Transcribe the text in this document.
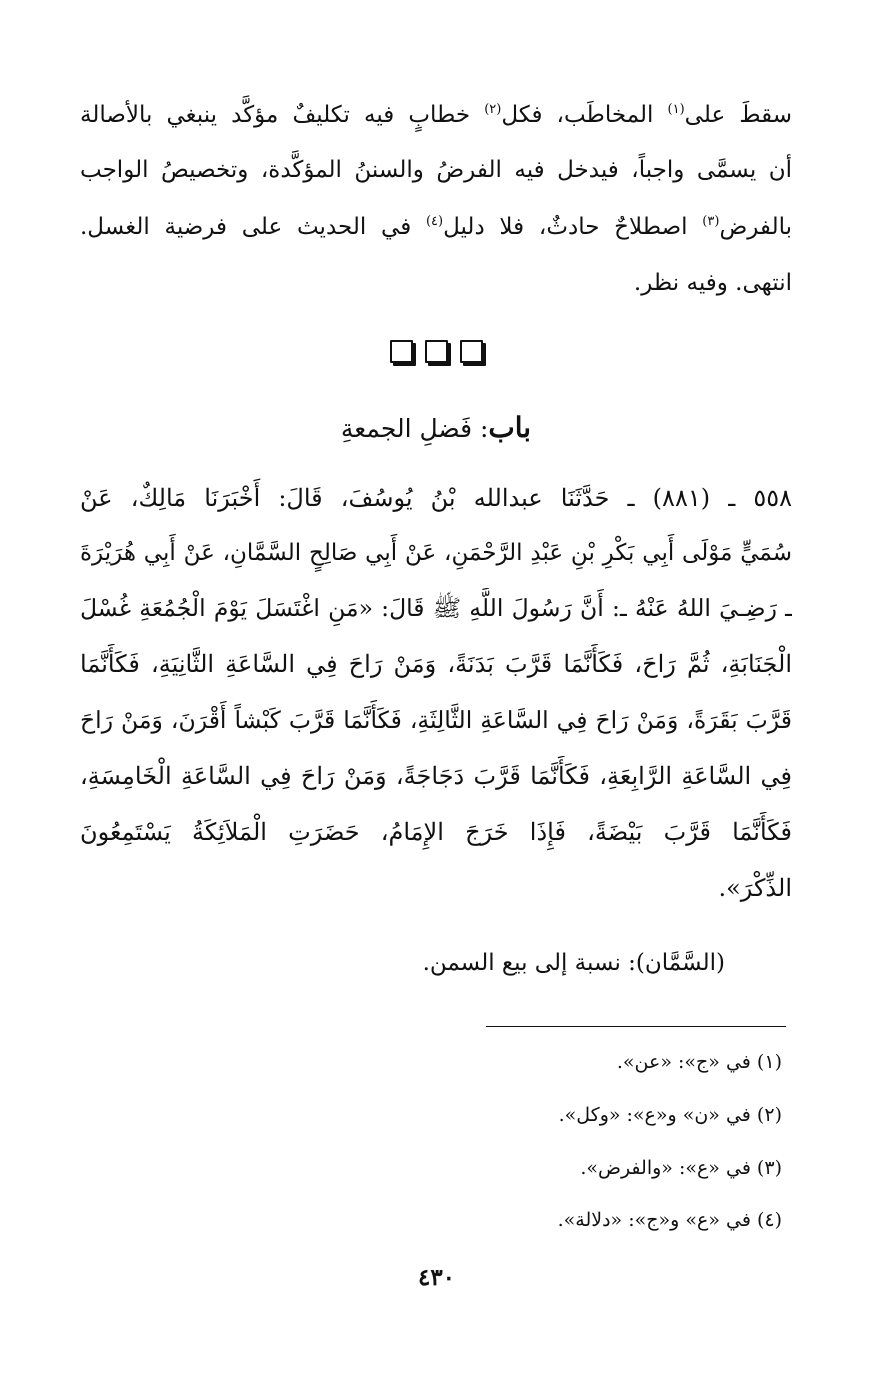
سقطَ على$^{(١)}$ المخاطَب، فكل$^{(٢)}$ خطابٍ فيه تكليفٌ مؤكَّد ينبغي بالأصالة
أن يسمَّى واجباً، فيدخل فيه الفرضُ والسننُ المؤكَّدة، وتخصيصُ الواجب
بالفرض$^{(٣)}$ اصطلاحٌ حادثٌ، فلا دليل$^{(٤)}$ في الحديث على فرضية الغسل.
انتهى. وفيه نظر.
باب: فَضلِ الجمعةِ
٥٥٨ ـ (٨٨١) ـ حَدَّثَنَا عبدالله بْنُ يُوسُفَ، قَالَ: أَخْبَرَنَا مَالِكٌ، عَنْ
سُمَيٍّ مَوْلَى أَبِي بَكْرِ بْنِ عَبْدِ الرَّحْمَنِ، عَنْ أَبِي صَالِحٍ السَّمَّانِ، عَنْ أَبِي هُرَيْرَةَ
ـ رَضِـيَ اللهُ عَنْهُ ـ: أَنَّ رَسُولَ اللَّهِ ﷺ قَالَ: «مَنِ اغْتَسَلَ يَوْمَ الْجُمُعَةِ غُسْلَ
الْجَنَابَةِ، ثُمَّ رَاحَ، فَكَأَنَّمَا قَرَّبَ بَدَنَةً، وَمَنْ رَاحَ فِي السَّاعَةِ الثَّانِيَةِ، فَكَأَنَّمَا
قَرَّبَ بَقَرَةً، وَمَنْ رَاحَ فِي السَّاعَةِ الثَّالِثَةِ، فَكَأَنَّمَا قَرَّبَ كَبْشاً أَقْرَنَ، وَمَنْ رَاحَ
فِي السَّاعَةِ الرَّابِعَةِ، فَكَأَنَّمَا قَرَّبَ دَجَاجَةً، وَمَنْ رَاحَ فِي السَّاعَةِ الْخَامِسَةِ،
فَكَأَنَّمَا قَرَّبَ بَيْضَةً، فَإِذَا خَرَجَ الإِمَامُ، حَضَرَتِ الْمَلاَئِكَةُ يَسْتَمِعُونَ
الذِّكْرَ».
(السَّمَّان): نسبة إلى بيع السمن.
(١) في «ج»: «عن».
(٢) في «ن» و«ع»: «وكل».
(٣) في «ع»: «والفرض».
(٤) في «ع» و«ج»: «دلالة».
٤٣٠
